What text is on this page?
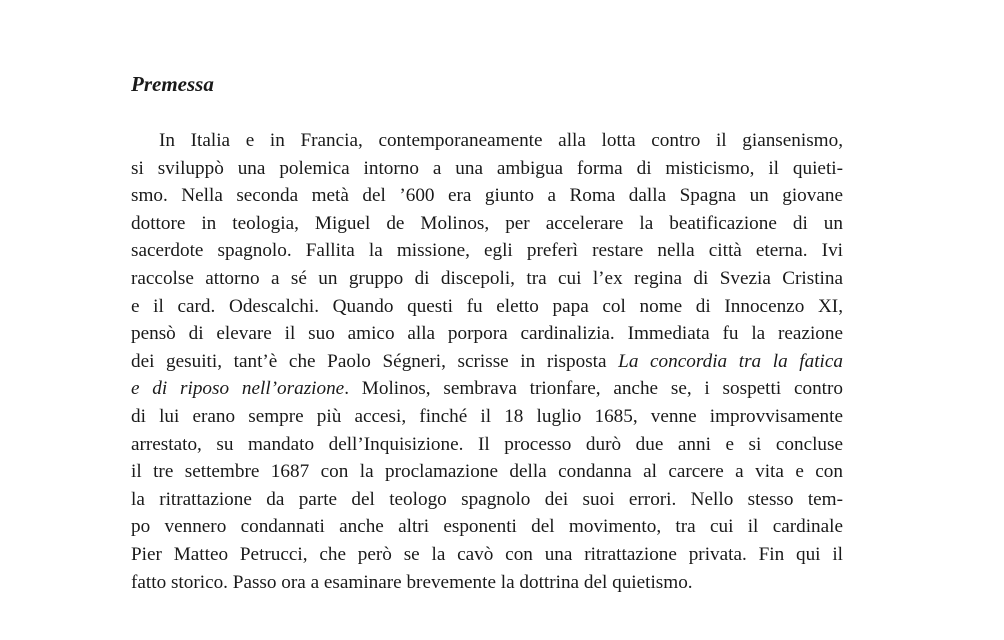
Premessa
In Italia e in Francia, contemporaneamente alla lotta contro il giansenismo,
si sviluppò una polemica intorno a una ambigua forma di misticismo, il quieti-
smo. Nella seconda metà del ’600 era giunto a Roma dalla Spagna un giovane
dottore in teologia, Miguel de Molinos, per accelerare la beatificazione di un
sacerdote spagnolo. Fallita la missione, egli preferì restare nella città eterna. Ivi
raccolse attorno a sé un gruppo di discepoli, tra cui l’ex regina di Svezia Cristina
e il card. Odescalchi. Quando questi fu eletto papa col nome di Innocenzo XI,
pensò di elevare il suo amico alla porpora cardinalizia. Immediata fu la reazione
dei gesuiti, tant’è che Paolo Ségneri, scrisse in risposta La concordia tra la fatica
e di riposo nell’orazione. Molinos, sembrava trionfare, anche se, i sospetti contro
di lui erano sempre più accesi, finché il 18 luglio 1685, venne improvvisamente
arrestato, su mandato dell’Inquisizione. Il processo durò due anni e si concluse
il tre settembre 1687 con la proclamazione della condanna al carcere a vita e con
la ritrattazione da parte del teologo spagnolo dei suoi errori. Nello stesso tem-
po vennero condannati anche altri esponenti del movimento, tra cui il cardinale
Pier Matteo Petrucci, che però se la cavò con una ritrattazione privata. Fin qui il
fatto storico. Passo ora a esaminare brevemente la dottrina del quietismo.
